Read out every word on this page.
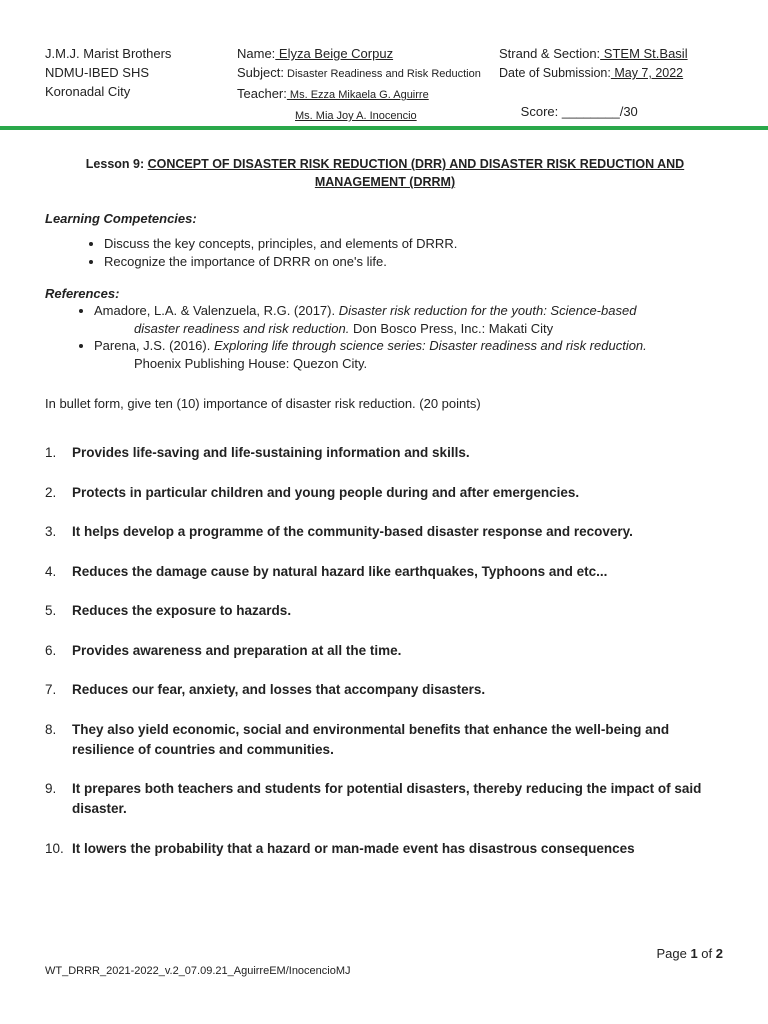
J.M.J. Marist Brothers
NDMU-IBED SHS
Koronadal City
Name: Elyza Beige Corpuz
Subject: Disaster Readiness and Risk Reduction
Teacher: Ms. Ezza Mikaela G. Aguirre
Ms. Mia Joy A. Inocencio
Strand & Section: STEM St.Basil
Date of Submission: May 7, 2022

Score: ________/30

Lesson 9: CONCEPT OF DISASTER RISK REDUCTION (DRR) AND DISASTER RISK REDUCTION AND MANAGEMENT (DRRM)
Learning Competencies:
• Discuss the key concepts, principles, and elements of DRRR.
• Recognize the importance of DRRR on one's life.
References:
• Amadore, L.A. & Valenzuela, R.G. (2017). Disaster risk reduction for the youth: Science-based
disaster readiness and risk reduction. Don Bosco Press, Inc.: Makati City
• Parena, J.S. (2016). Exploring life through science series: Disaster readiness and risk reduction.
Phoenix Publishing House: Quezon City.
In bullet form, give ten (10) importance of disaster risk reduction. (20 points)
1. Provides life-saving and life-sustaining information and skills.
2. Protects in particular children and young people during and after emergencies.
3. It helps develop a programme of the community-based disaster response and recovery.
4. Reduces the damage cause by natural hazard like earthquakes, Typhoons and etc...
5. Reduces the exposure to hazards.
6. Provides awareness and preparation at all the time.
7. Reduces our fear, anxiety, and losses that accompany disasters.
8. They also yield economic, social and environmental benefits that enhance the well-being and resilience of countries and communities.
9. It prepares both teachers and students for potential disasters, thereby reducing the impact of said disaster.
10. It lowers the probability that a hazard or man-made event has disastrous consequences
Page 1 of 2
WT_DRRR_2021-2022_v.2_07.09.21_AguirreEM/InocencioMJ
